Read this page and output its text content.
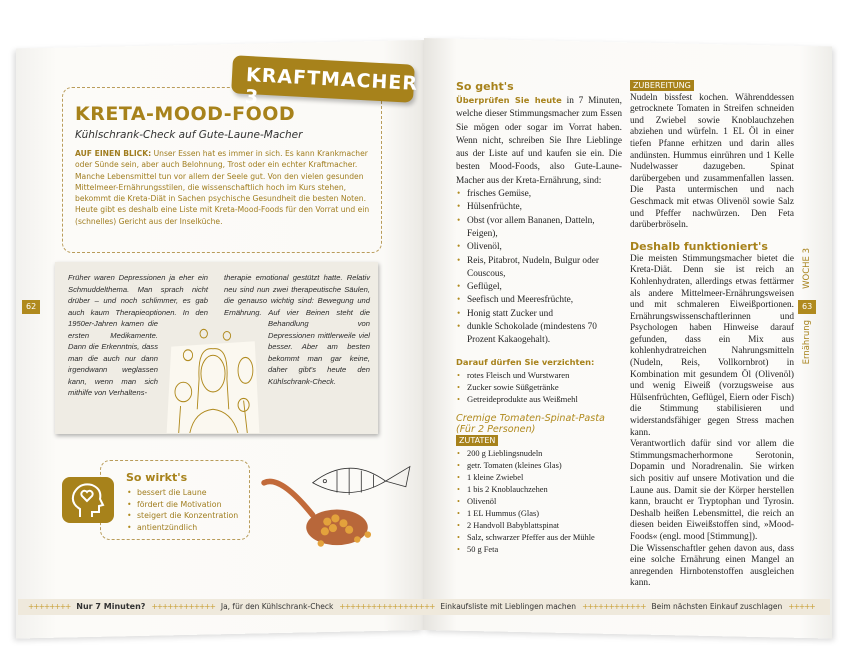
KRAFTMACHER 3
KRETA-MOOD-FOOD
Kühlschrank-Check auf Gute-Laune-Macher
AUF EINEN BLICK: Unser Essen hat es immer in sich. Es kann Krankmacher oder Sünde sein, aber auch Belohnung, Trost oder ein echter Kraftmacher. Manche Lebensmittel tun vor allem der Seele gut. Von den vielen gesunden Mittelmeer-Ernährungsstilen, die wissenschaftlich hoch im Kurs stehen, bekommt die Kreta-Diät in Sachen psychische Gesundheit die besten Noten. Heute gibt es deshalb eine Liste mit Kreta-Mood-Foods für den Vorrat und ein (schnelles) Gericht aus der Inselküche.
Früher waren Depressionen ja eher ein Schmuddelthema. Man sprach nicht drüber – und noch schlimmer, es gab auch kaum Therapieoptionen. In den 1950er-Jahren kamen die ersten Medikamente. Dann die Erkenntnis, dass man die auch nur dann irgendwann weglassen kann, wenn man sich mithilfe von Verhaltens-
therapie emotional gestützt hatte. Relativ neu sind nun zwei therapeutische Säulen, die genauso wichtig sind: Bewegung und Ernährung. Auf vier Beinen steht die Behandlung von Depressionen mittlerweile viel besser. Aber am besten bekommt man gar keine, daher gibt's heute den Kühlschrank-Check.
62
So wirkt's
• bessert die Laune
• fördert die Motivation
• steigert die Konzentration
• antientzündlich
So geht's
Überprüfen Sie heute in 7 Minuten, welche dieser Stimmungsmacher zum Essen Sie mögen oder sogar im Vorrat haben. Wenn nicht, schreiben Sie Ihre Lieblinge aus der Liste auf und kaufen sie ein. Die besten Mood-Foods, also Gute-Laune-Macher aus der Kreta-Ernährung, sind:
• frisches Gemüse,
• Hülsenfrüchte,
• Obst (vor allem Bananen, Datteln, Feigen),
• Olivenöl,
• Reis, Pitabrot, Nudeln, Bulgur oder Couscous,
• Geflügel,
• Seefisch und Meeresfrüchte,
• Honig statt Zucker und
• dunkle Schokolade (mindestens 70 Prozent Kakaogehalt).
Darauf dürfen Sie verzichten:
• rotes Fleisch und Wurstwaren
• Zucker sowie Süßgetränke
• Getreideprodukte aus Weißmehl
Cremige Tomaten-Spinat-Pasta
(Für 2 Personen)
ZUTATEN
• 200 g Lieblingsnudeln
• getr. Tomaten (kleines Glas)
• 1 kleine Zwiebel
• 1 bis 2 Knoblauchzehen
• Olivenöl
• 1 EL Hummus (Glas)
• 2 Handvoll Babyblattspinat
• Salz, schwarzer Pfeffer aus der Mühle
• 50 g Feta
ZUBEREITUNG
Nudeln bissfest kochen. Währenddessen getrocknete Tomaten in Streifen schneiden und Zwiebel sowie Knoblauchzehen abziehen und würfeln. 1 EL Öl in einer tiefen Pfanne erhitzen und darin alles andünsten. Hummus einrühren und 1 Kelle Nudelwasser dazugeben. Spinat darübergeben und zusammenfallen lassen. Die Pasta untermischen und nach Geschmack mit etwas Olivenöl sowie Salz und Pfeffer nachwürzen. Den Feta darüberbröseln.
Deshalb funktioniert's
Die meisten Stimmungsmacher bietet die Kreta-Diät. Denn sie ist reich an Kohlenhydraten, allerdings etwas fettärmer als andere Mittelmeer-Ernährungsweisen und mit schmaleren Eiweißportionen. Ernährungswissenschaftlerinnen und Psychologen haben Hinweise darauf gefunden, dass ein Mix aus kohlenhydratreichen Nahrungsmitteln (Nudeln, Reis, Vollkornbrot) in Kombination mit gesundem Öl (Olivenöl) und wenig Eiweiß (vorzugsweise aus Hülsenfrüchten, Geflügel, Eiern oder Fisch) die Stimmung stabilisieren und widerstandsfähiger gegen Stress machen kann.
Verantwortlich dafür sind vor allem die Stimmungsmacherhormone Serotonin, Dopamin und Noradrenalin. Sie wirken sich positiv auf unsere Motivation und die Laune aus. Damit sie der Körper herstellen kann, braucht er Tryptophan und Tyrosin. Deshalb heißen Lebensmittel, die reich an diesen beiden Eiweißstoffen sind, »Mood-Foods« (engl. mood [Stimmung]).
Die Wissenschaftler gehen davon aus, dass eine solche Ernährung einen Mangel an anregenden Hirnbotenstoffen ausgleichen kann.
WOCHE 3
63
Ernährung
++++++++ Nur 7 Minuten? ++++++++++++ Ja, für den Kühlschrank-Check ++++++++++++++++++ Einkaufsliste mit Lieblingen machen ++++++++++++ Beim nächsten Einkauf zuschlagen +++++
